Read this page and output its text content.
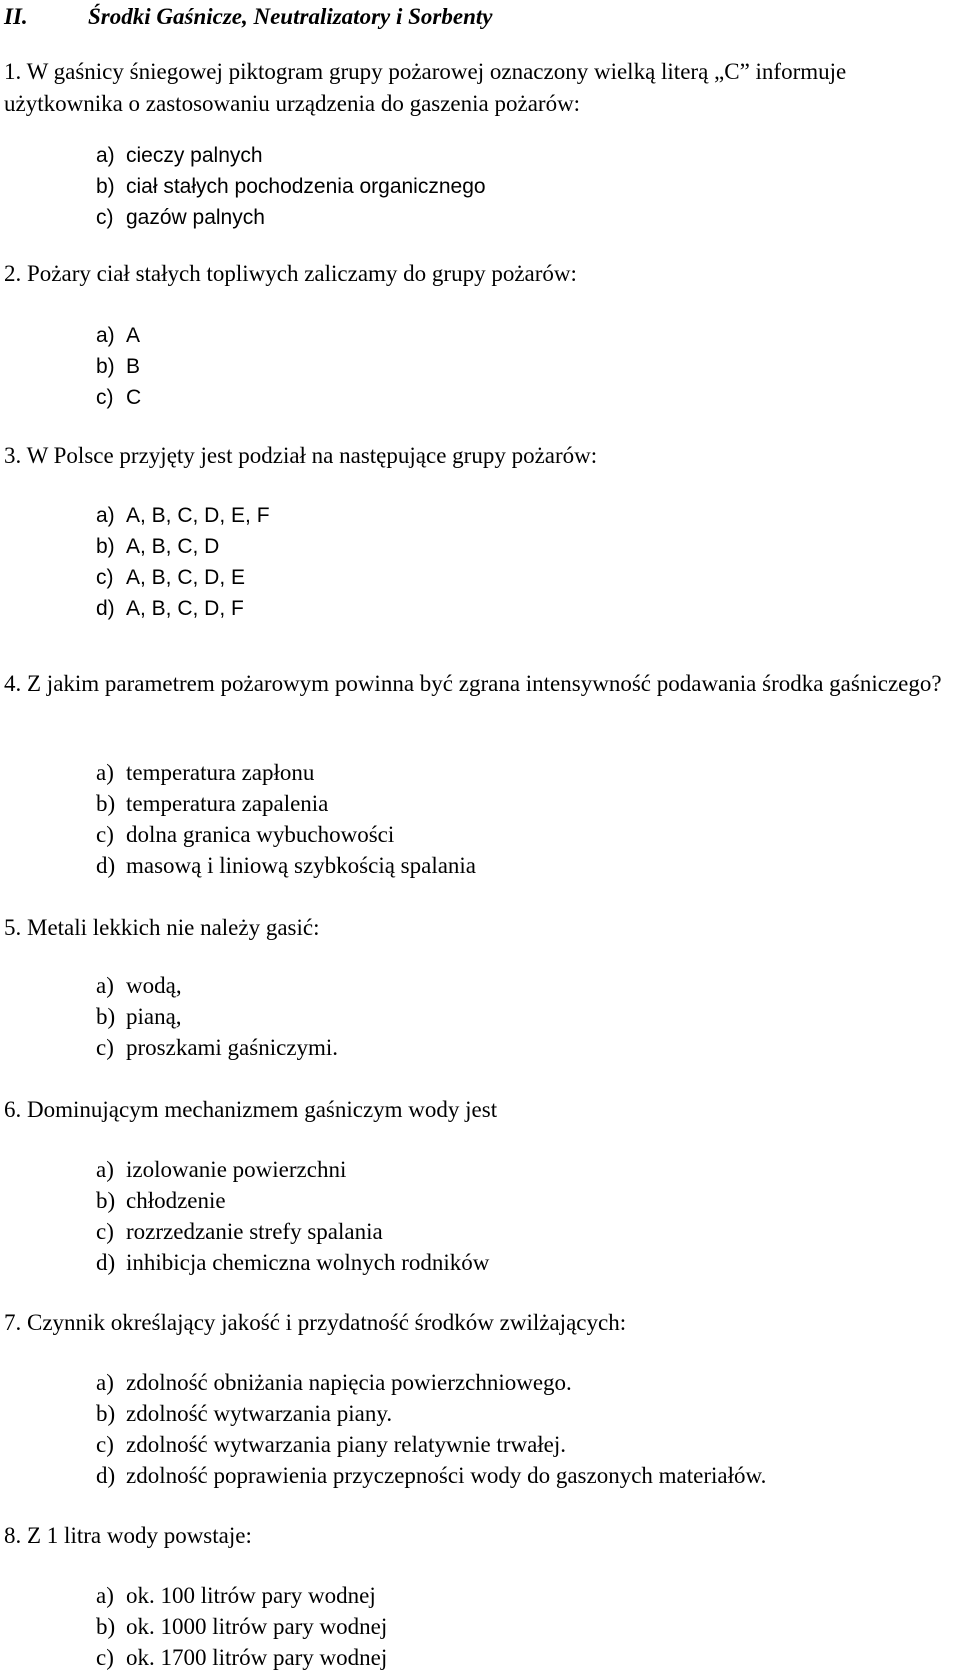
II.	Środki Gaśnicze, Neutralizatory i Sorbenty
1. W gaśnicy śniegowej piktogram grupy pożarowej oznaczony wielką literą „C” informuje użytkownika o zastosowaniu urządzenia do gaszenia pożarów:
a) cieczy palnych
b) ciał stałych pochodzenia organicznego
c) gazów palnych
2. Pożary ciał stałych topliwych zaliczamy do grupy pożarów:
a) A
b) B
c) C
3. W Polsce przyjęty jest podział na następujące grupy pożarów:
a) A, B, C, D, E, F
b) A, B, C, D
c) A, B, C, D, E
d) A, B, C, D, F
4. Z jakim parametrem pożarowym powinna być zgrana intensywność podawania środka gaśniczego?
a) temperatura zapłonu
b) temperatura zapalenia
c) dolna granica wybuchowości
d) masową i liniową szybkością spalania
5. Metali lekkich nie należy gasić:
a) wodą,
b) pianą,
c) proszkami gaśniczymi.
6. Dominującym mechanizmem gaśniczym wody jest
a) izolowanie powierzchni
b) chłodzenie
c) rozrzedzanie strefy spalania
d) inhibicja chemiczna wolnych rodników
7. Czynnik określający jakość i przydatność środków zwilżających:
a) zdolność obniżania napięcia powierzchniowego.
b) zdolność wytwarzania piany.
c) zdolność wytwarzania piany relatywnie trwałej.
d) zdolność poprawienia przyczepności wody do gaszonych materiałów.
8. Z 1 litra wody powstaje:
a) ok. 100 litrów pary wodnej
b) ok. 1000 litrów pary wodnej
c) ok. 1700 litrów pary wodnej
